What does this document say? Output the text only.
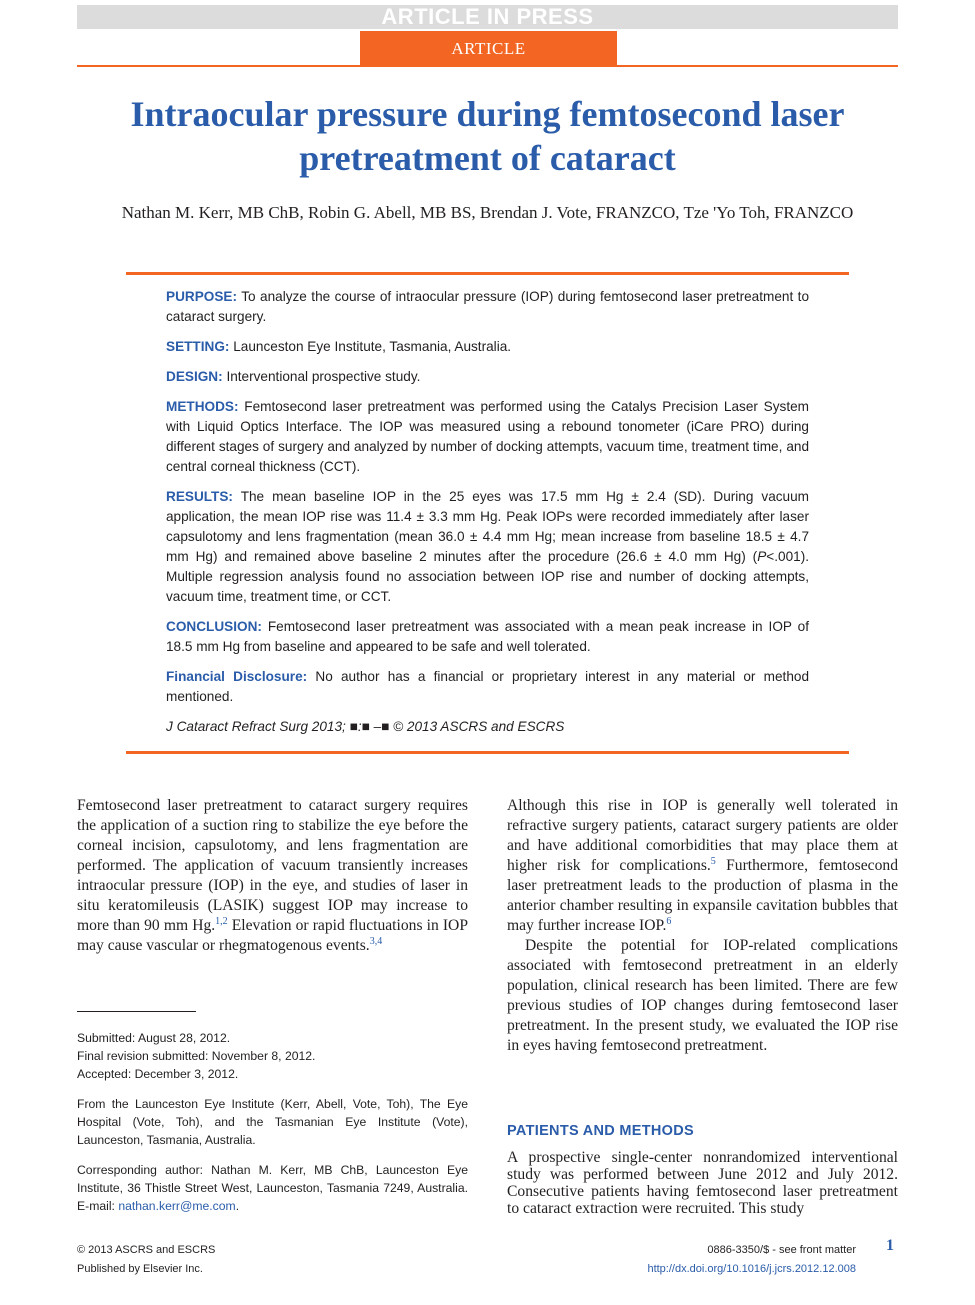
ARTICLE IN PRESS
ARTICLE
Intraocular pressure during femtosecond laser pretreatment of cataract
Nathan M. Kerr, MB ChB, Robin G. Abell, MB BS, Brendan J. Vote, FRANZCO, Tze 'Yo Toh, FRANZCO

PURPOSE: To analyze the course of intraocular pressure (IOP) during femtosecond laser pretreatment to cataract surgery.

SETTING: Launceston Eye Institute, Tasmania, Australia.

DESIGN: Interventional prospective study.

METHODS: Femtosecond laser pretreatment was performed using the Catalys Precision Laser System with Liquid Optics Interface. The IOP was measured using a rebound tonometer (iCare PRO) during different stages of surgery and analyzed by number of docking attempts, vacuum time, treatment time, and central corneal thickness (CCT).

RESULTS: The mean baseline IOP in the 25 eyes was 17.5 mm Hg ± 2.4 (SD). During vacuum application, the mean IOP rise was 11.4 ± 3.3 mm Hg. Peak IOPs were recorded immediately after laser capsulotomy and lens fragmentation (mean 36.0 ± 4.4 mm Hg; mean increase from baseline 18.5 ± 4.7 mm Hg) and remained above baseline 2 minutes after the procedure (26.6 ± 4.0 mm Hg) (P<.001). Multiple regression analysis found no association between IOP rise and number of docking attempts, vacuum time, treatment time, or CCT.

CONCLUSION: Femtosecond laser pretreatment was associated with a mean peak increase in IOP of 18.5 mm Hg from baseline and appeared to be safe and well tolerated.

Financial Disclosure: No author has a financial or proprietary interest in any material or method mentioned.

J Cataract Refract Surg 2013; ■:■ –■ © 2013 ASCRS and ESCRS

Femtosecond laser pretreatment to cataract surgery requires the application of a suction ring to stabilize the eye before the corneal incision, capsulotomy, and lens fragmentation are performed. The application of vacuum transiently increases intraocular pressure (IOP) in the eye, and studies of laser in situ keratomileusis (LASIK) suggest IOP may increase to more than 90 mm Hg.$^{1,2}$ Elevation or rapid fluctuations in IOP may cause vascular or rhegmatogenous events.$^{3,4}$

Submitted: August 28, 2012.
Final revision submitted: November 8, 2012.
Accepted: December 3, 2012.
From the Launceston Eye Institute (Kerr, Abell, Vote, Toh), The Eye Hospital (Vote, Toh), and the Tasmanian Eye Institute (Vote), Launceston, Tasmania, Australia.
Corresponding author: Nathan M. Kerr, MB ChB, Launceston Eye Institute, 36 Thistle Street West, Launceston, Tasmania 7249, Australia. E-mail: nathan.kerr@me.com.

Although this rise in IOP is generally well tolerated in refractive surgery patients, cataract surgery patients are older and have additional comorbidities that may place them at higher risk for complications.$^5$ Furthermore, femtosecond laser pretreatment leads to the production of plasma in the anterior chamber resulting in expansile cavitation bubbles that may further increase IOP.$^6$

Despite the potential for IOP-related complications associated with femtosecond pretreatment in an elderly population, clinical research has been limited. There are few previous studies of IOP changes during femtosecond laser pretreatment. In the present study, we evaluated the IOP rise in eyes having femtosecond pretreatment.

PATIENTS AND METHODS

A prospective single-center nonrandomized interventional study was performed between June 2012 and July 2012. Consecutive patients having femtosecond laser pretreatment to cataract extraction were recruited. This study

© 2013 ASCRS and ESCRS
Published by Elsevier Inc.
0886-3350/$ - see front matter
http://dx.doi.org/10.1016/j.jcrs.2012.12.008
1
